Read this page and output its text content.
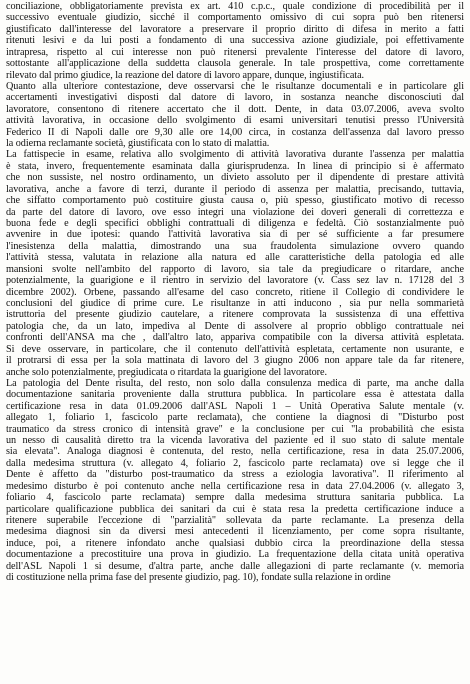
conciliazione, obbligatoriamente prevista ex art. 410 c.p.c., quale condizione di procedibilità per il
successivo eventuale giudizio, sicché il comportamento omissivo di cui sopra può ben ritenersi
giustificato dall'interesse del lavoratore a preservare il proprio diritto di difesa in merito a fatti
ritenuti lesivi e da lui posti a fondamento di una successiva azione giudiziale, poi effettivamente
intrapresa, rispetto al cui interesse non può ritenersi prevalente l'interesse del datore di lavoro,
sottostante all'applicazione della suddetta clausola generale. In tale prospettiva, come correttamente
rilevato dal primo giudice, la reazione del datore di lavoro appare, dunque, ingiustificata.

Quanto alla ulteriore contestazione, deve osservarsi che le risultanze documentali e in particolare gli
accertamenti investigativi disposti dal datore di lavoro, in sostanza neanche disconosciuti dal
lavoratore, consentono di ritenere accertato che il dott. Dente, in data 03.07.2006, aveva svolto
attività lavorativa, in occasione dello svolgimento di esami universitari tenutisi presso l'Università
Federico II di Napoli dalle ore 9,30 alle ore 14,00 circa, in costanza dell'assenza dal lavoro presso
la odierna reclamante società, giustificata con lo stato di malattia.

La fattispecie in esame, relativa allo svolgimento di attività lavorativa durante l'assenza per malattia
è stata, invero, frequentemente esaminata dalla giurisprudenza. In linea di principio si è affermato
che non sussiste, nel nostro ordinamento, un divieto assoluto per il dipendente di prestare attività
lavorativa, anche a favore di terzi, durante il periodo di assenza per malattia, precisando, tuttavia,
che siffatto comportamento può costituire giusta causa o, più spesso, giustificato motivo di recesso
da parte del datore di lavoro, ove esso integri una violazione dei doveri generali di correttezza e
buona fede e degli specifici obblighi contrattuali di diligenza e fedeltà. Ciò sostanzialmente può
avvenire in due ipotesi: quando l'attività lavorativa sia di per sé sufficiente a far presumere
l'inesistenza della malattia, dimostrando una sua fraudolenta simulazione ovvero quando
l'attività stessa, valutata in relazione alla natura ed alle caratteristiche della patologia ed alle
mansioni svolte nell'ambito del rapporto di lavoro, sia tale da pregiudicare o ritardare, anche
potenzialmente, la guarigione e il rientro in servizio del lavoratore (v. Cass sez lav n. 17128 del 3
dicembre 2002). Orbene, passando all'esame del caso concreto, ritiene il Collegio di condividere le
conclusioni del giudice di prime cure. Le risultanze in atti inducono , sia pur nella sommarietà
istruttoria del presente giudizio cautelare, a ritenere comprovata la sussistenza di una effettiva
patologia che, da un lato, impediva al Dente di assolvere al proprio obbligo contrattuale nei
confronti dell'ANSA ma che , dall'altro lato, appariva compatibile con la diversa attività espletata.
Si deve osservare, in particolare, che il contenuto dell'attività espletata, certamente non usurante, e
il protrarsi di essa per la sola mattinata di lavoro del 3 giugno 2006 non appare tale da far ritenere,
anche solo potenzialmente, pregiudicata o ritardata la guarigione del lavoratore.

La patologia del Dente risulta, del resto, non solo dalla consulenza medica di parte, ma anche dalla
documentazione sanitaria proveniente dalla struttura pubblica. In particolare essa è attestata dalla
certificazione resa in data 01.09.2006 dall'ASL Napoli 1 – Unità Operativa Salute mentale (v.
allegato 1, foliario 1, fascicolo parte reclamata), che contiene la diagnosi di "Disturbo post
traumatico da stress cronico di intensità grave" e la conclusione per cui "la probabilità che esista
un nesso di causalità diretto tra la vicenda lavorativa del paziente ed il suo stato di salute mentale
sia elevata". Analoga diagnosi è contenuta, del resto, nella certificazione, resa in data 25.07.2006,
dalla medesima struttura (v. allegato 4, foliario 2, fascicolo parte reclamata) ove si legge che il
Dente è affetto da "disturbo post-traumatico da stress a eziologia lavorativa". Il riferimento al
medesimo disturbo è poi contenuto anche nella certificazione resa in data 27.04.2006 (v. allegato 3,
foliario 4, fascicolo parte reclamata) sempre dalla medesima struttura sanitaria pubblica. La
particolare qualificazione pubblica dei sanitari da cui è stata resa la predetta certificazione induce a
ritenere superabile l'eccezione di "parzialità" sollevata da parte reclamante. La presenza della
medesima diagnosi sin da diversi mesi antecedenti il licenziamento, per come sopra risultante,
induce, poi, a ritenere infondato anche qualsiasi dubbio circa la preordinazione della stessa
documentazione a precostituire una prova in giudizio. La frequentazione della citata unità operativa
dell'ASL Napoli 1 si desume, d'altra parte, anche dalle allegazioni di parte reclamante (v. memoria
di costituzione nella prima fase del presente giudizio, pag. 10), fondate sulla relazione in ordine
